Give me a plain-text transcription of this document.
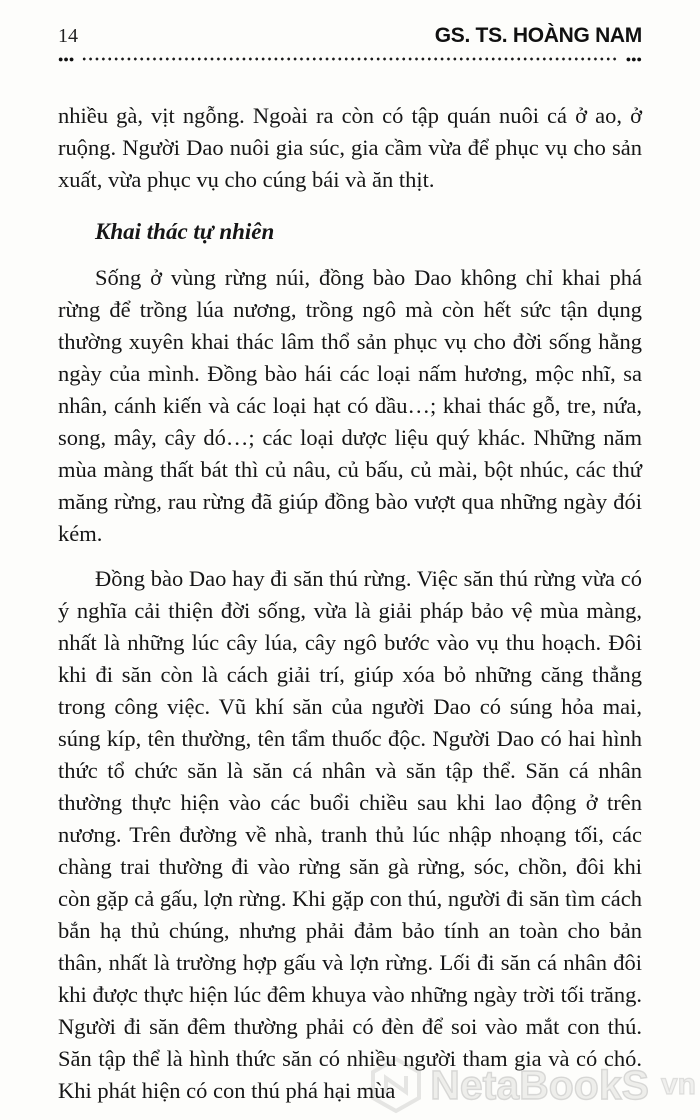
14	GS. TS. HOÀNG NAM
●●●	●●●

nhiều gà, vịt ngỗng. Ngoài ra còn có tập quán nuôi cá ở ao, ở ruộng. Người Dao nuôi gia súc, gia cầm vừa để phục vụ cho sản xuất, vừa phục vụ cho cúng bái và ăn thịt.

Khai thác tự nhiên

Sống ở vùng rừng núi, đồng bào Dao không chỉ khai phá rừng để trồng lúa nương, trồng ngô mà còn hết sức tận dụng thường xuyên khai thác lâm thổ sản phục vụ cho đời sống hằng ngày của mình. Đồng bào hái các loại nấm hương, mộc nhĩ, sa nhân, cánh kiến và các loại hạt có dầu…; khai thác gỗ, tre, nứa, song, mây, cây dó…; các loại dược liệu quý khác. Những năm mùa màng thất bát thì củ nâu, củ bấu, củ mài, bột nhúc, các thứ măng rừng, rau rừng đã giúp đồng bào vượt qua những ngày đói kém.

Đồng bào Dao hay đi săn thú rừng. Việc săn thú rừng vừa có ý nghĩa cải thiện đời sống, vừa là giải pháp bảo vệ mùa màng, nhất là những lúc cây lúa, cây ngô bước vào vụ thu hoạch. Đôi khi đi săn còn là cách giải trí, giúp xóa bỏ những căng thẳng trong công việc. Vũ khí săn của người Dao có súng hỏa mai, súng kíp, tên thường, tên tẩm thuốc độc. Người Dao có hai hình thức tổ chức săn là săn cá nhân và săn tập thể. Săn cá nhân thường thực hiện vào các buổi chiều sau khi lao động ở trên nương. Trên đường về nhà, tranh thủ lúc nhập nhoạng tối, các chàng trai thường đi vào rừng săn gà rừng, sóc, chồn, đôi khi còn gặp cả gấu, lợn rừng. Khi gặp con thú, người đi săn tìm cách bắn hạ thủ chúng, nhưng phải đảm bảo tính an toàn cho bản thân, nhất là trường hợp gấu và lợn rừng. Lối đi săn cá nhân đôi khi được thực hiện lúc đêm khuya vào những ngày trời tối trăng. Người đi săn đêm thường phải có đèn để soi vào mắt con thú. Săn tập thể là hình thức săn có nhiều người tham gia và có chó. Khi phát hiện có con thú phá hại mùa NetaBookS vn
